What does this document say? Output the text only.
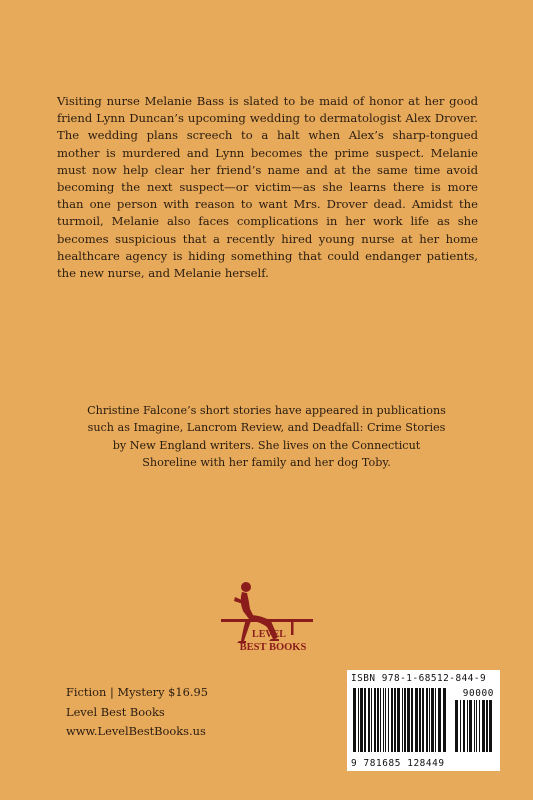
Visiting nurse Melanie Bass is slated to be maid of honor at her good friend Lynn Duncan’s upcoming wedding to dermatologist Alex Drover. The wedding plans screech to a halt when Alex’s sharp-tongued mother is murdered and Lynn becomes the prime suspect. Melanie must now help clear her friend’s name and at the same time avoid becoming the next suspect—or victim—as she learns there is more than one person with reason to want Mrs. Drover dead. Amidst the turmoil, Melanie also faces complications in her work life as she becomes suspicious that a recently hired young nurse at her home healthcare agency is hiding something that could endanger patients, the new nurse, and Melanie herself.

Christine Falcone’s short stories have appeared in publications such as Imagine, Lancrom Review, and Deadfall: Crime Stories by New England writers. She lives on the Connecticut Shoreline with her family and her dog Toby.

LEVEL
BEST BOOKS
Fiction | Mystery $16.95
Level Best Books
www.LevelBestBooks.us
ISBN 978-1-68512-844-9
90000
9 781685 128449
